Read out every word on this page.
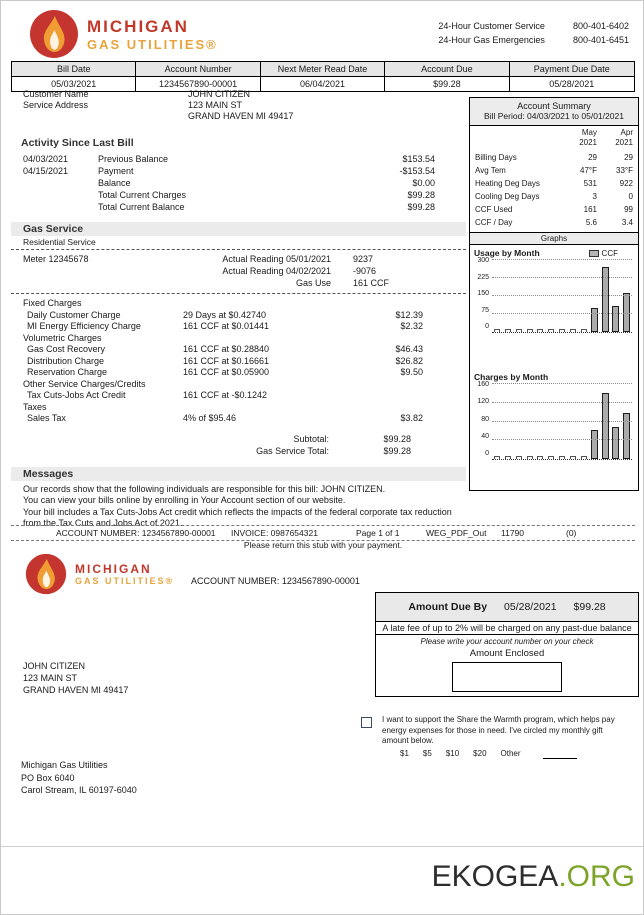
MICHIGAN
GAS UTILITIES®
24-Hour Customer Service	800-401-6402
24-Hour Gas Emergencies	800-401-6451
Bill Date	Account Number	Next Meter Read Date	Account Due	Payment Due Date
05/03/2021	1234567890-00001	06/04/2021	$99.28	05/28/2021
Customer Name	JOHN CITIZEN
Service Address	123 MAIN ST
GRAND HAVEN MI 49417
Activity Since Last Bill
04/03/2021	Previous Balance	$153.54
04/15/2021	Payment	-$153.54
Balance	$0.00
Total Current Charges	$99.28
Total Current Balance	$99.28
Gas Service
Residential Service
Meter 12345678	Actual Reading 05/01/2021	9237
Actual Reading 04/02/2021	-9076
Gas Use	161 CCF
Fixed Charges
Daily Customer Charge	29 Days at $0.42740	$12.39
MI Energy Efficiency Charge	161 CCF at $0.01441	$2.32
Volumetric Charges
Gas Cost Recovery	161 CCF at $0.28840	$46.43
Distribution Charge	161 CCF at $0.16661	$26.82
Reservation Charge	161 CCF at $0.05900	$9.50
Other Service Charges/Credits
Tax Cuts-Jobs Act Credit	161 CCF at -$0.1242
Taxes
Sales Tax	4% of $95.46	$3.82
Subtotal:	$99.28
Gas Service Total:	$99.28
Messages
Our records show that the following individuals are responsible for this bill: JOHN CITIZEN.
You can view your bills online by enrolling in Your Account section of our website.
Your bill includes a Tax Cuts-Jobs Act credit which reflects the impacts of the federal corporate tax reduction from the Tax Cuts and Jobs Act of 2021.
Account Summary
Bill Period: 04/03/2021 to 05/01/2021
May
2021
Apr
2021
Billing Days	29	29
Avg Tem	47°F	33°F
Heating Deg Days	531	922
Cooling Deg Days	3	0
CCF Used	161	99
CCF / Day	5.6	3.4
Graphs
Usage by Month	CCF
300
225
150
75
0
Charges by Month
160
120
80
40
0
ACCOUNT NUMBER: 1234567890-00001	INVOICE: 0987654321	Page 1 of 1	WEG_PDF_Out	11790	(0)
Please return this stub with your payment.
MICHIGAN
GAS UTILITIES® ACCOUNT NUMBER: 1234567890-00001
Amount Due By 05/28/2021 $99.28
A late fee of up to 2% will be charged on any past-due balance
Please write your account number on your check
Amount Enclosed
JOHN CITIZEN
123 MAIN ST
GRAND HAVEN MI 49417
I want to support the Share the Warmth program, which helps pay energy expenses for those in need. I've circled my monthly gift amount below.
$1 $5 $10 $20 Other
Michigan Gas Utilities
PO Box 6040
Carol Stream, IL 60197-6040
EKOGEA.ORG
